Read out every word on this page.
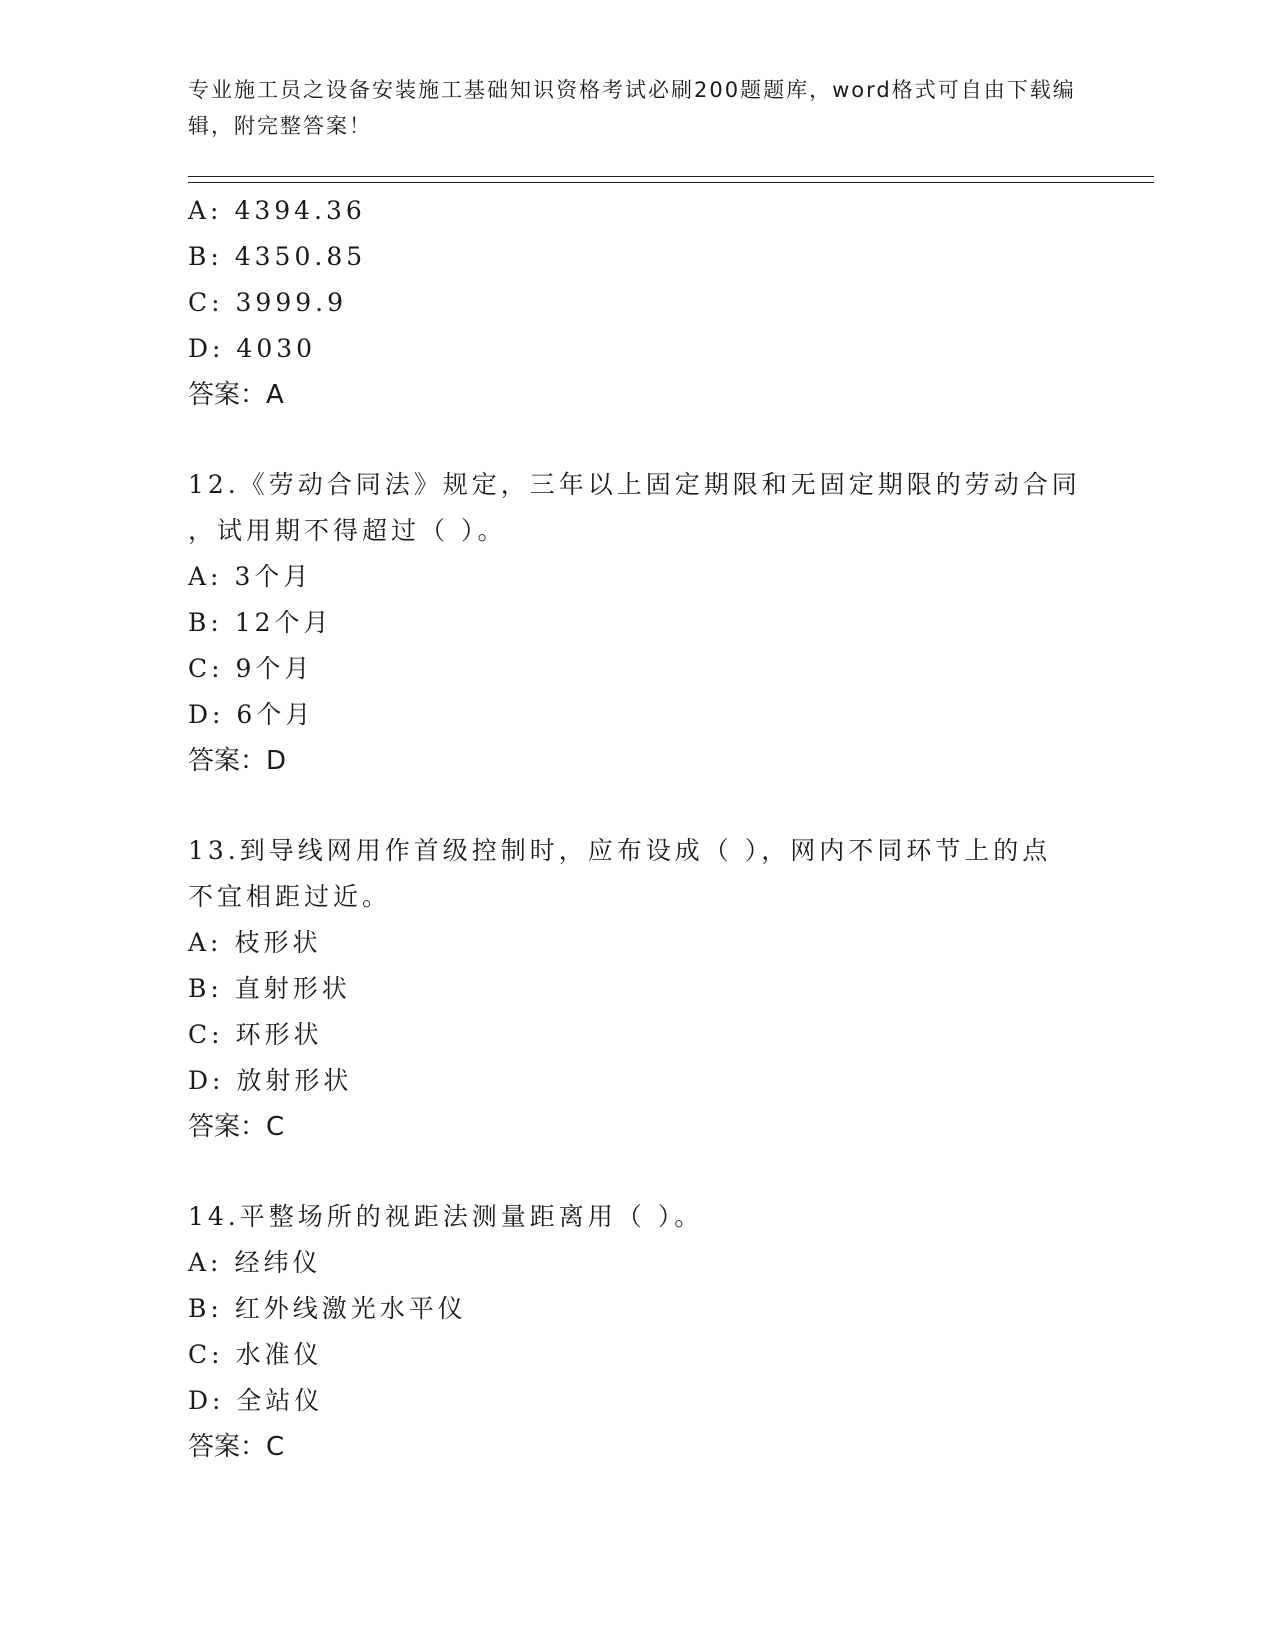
专业施工员之设备安装施工基础知识资格考试必刷200题题库，word格式可自由下载编辑，附完整答案！
A: 4394.36
B: 4350.85
C: 3999.9
D: 4030
答案：A
12.《劳动合同法》规定，三年以上固定期限和无固定期限的劳动合同
，试用期不得超过（ ）。
A: 3个月
B: 12个月
C: 9个月
D: 6个月
答案：D
13.到导线网用作首级控制时，应布设成（ ），网内不同环节上的点
不宜相距过近。
A: 枝形状
B: 直射形状
C: 环形状
D: 放射形状
答案：C
14.平整场所的视距法测量距离用（ ）。
A: 经纬仪
B: 红外线激光水平仪
C: 水准仪
D: 全站仪
答案：C
